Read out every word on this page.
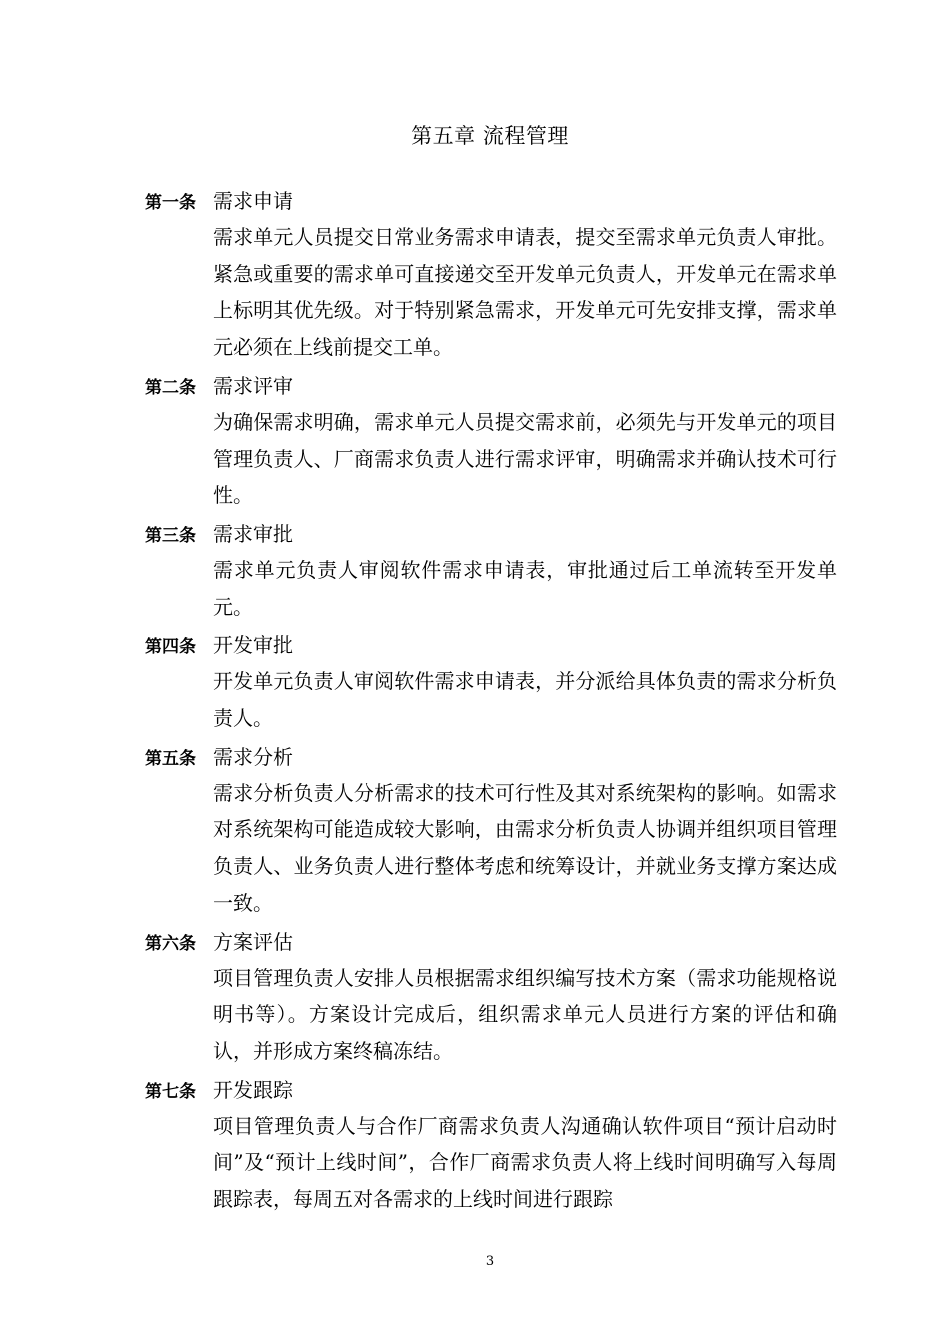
第五章 流程管理
第一条 需求申请
需求单元人员提交日常业务需求申请表，提交至需求单元负责人审批。紧急或重要的需求单可直接递交至开发单元负责人，开发单元在需求单上标明其优先级。对于特别紧急需求，开发单元可先安排支撑，需求单元必须在上线前提交工单。
第二条 需求评审
为确保需求明确，需求单元人员提交需求前，必须先与开发单元的项目管理负责人、厂商需求负责人进行需求评审，明确需求并确认技术可行性。
第三条 需求审批
需求单元负责人审阅软件需求申请表，审批通过后工单流转至开发单元。
第四条 开发审批
开发单元负责人审阅软件需求申请表，并分派给具体负责的需求分析负责人。
第五条 需求分析
需求分析负责人分析需求的技术可行性及其对系统架构的影响。如需求对系统架构可能造成较大影响，由需求分析负责人协调并组织项目管理负责人、业务负责人进行整体考虑和统筹设计，并就业务支撑方案达成一致。
第六条 方案评估
项目管理负责人安排人员根据需求组织编写技术方案（需求功能规格说明书等）。方案设计完成后，组织需求单元人员进行方案的评估和确认，并形成方案终稿冻结。
第七条 开发跟踪
项目管理负责人与合作厂商需求负责人沟通确认软件项目“预计启动时间”及“预计上线时间”，合作厂商需求负责人将上线时间明确写入每周跟踪表，每周五对各需求的上线时间进行跟踪
3
